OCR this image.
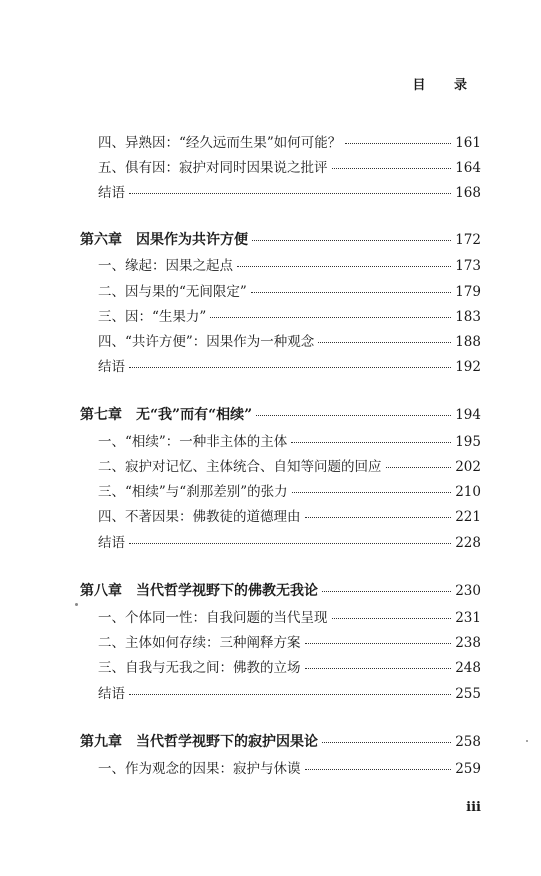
目 录
四、异熟因：“经久远而生果”如何可能？	161
五、俱有因：寂护对同时因果说之批评	164
结语	168
第六章　因果作为共许方便	172
一、缘起：因果之起点	173
二、因与果的“无间限定”	179
三、因：“生果力”	183
四、“共许方便”：因果作为一种观念	188
结语	192
第七章　无“我”而有“相续”	194
一、“相续”：一种非主体的主体	195
二、寂护对记忆、主体统合、自知等问题的回应	202
三、“相续”与“刹那差别”的张力	210
四、不著因果：佛教徒的道德理由	221
结语	228
第八章　当代哲学视野下的佛教无我论	230
一、个体同一性：自我问题的当代呈现	231
二、主体如何存续：三种阐释方案	238
三、自我与无我之间：佛教的立场	248
结语	255
第九章　当代哲学视野下的寂护因果论	258
一、作为观念的因果：寂护与休谟	259
iii
